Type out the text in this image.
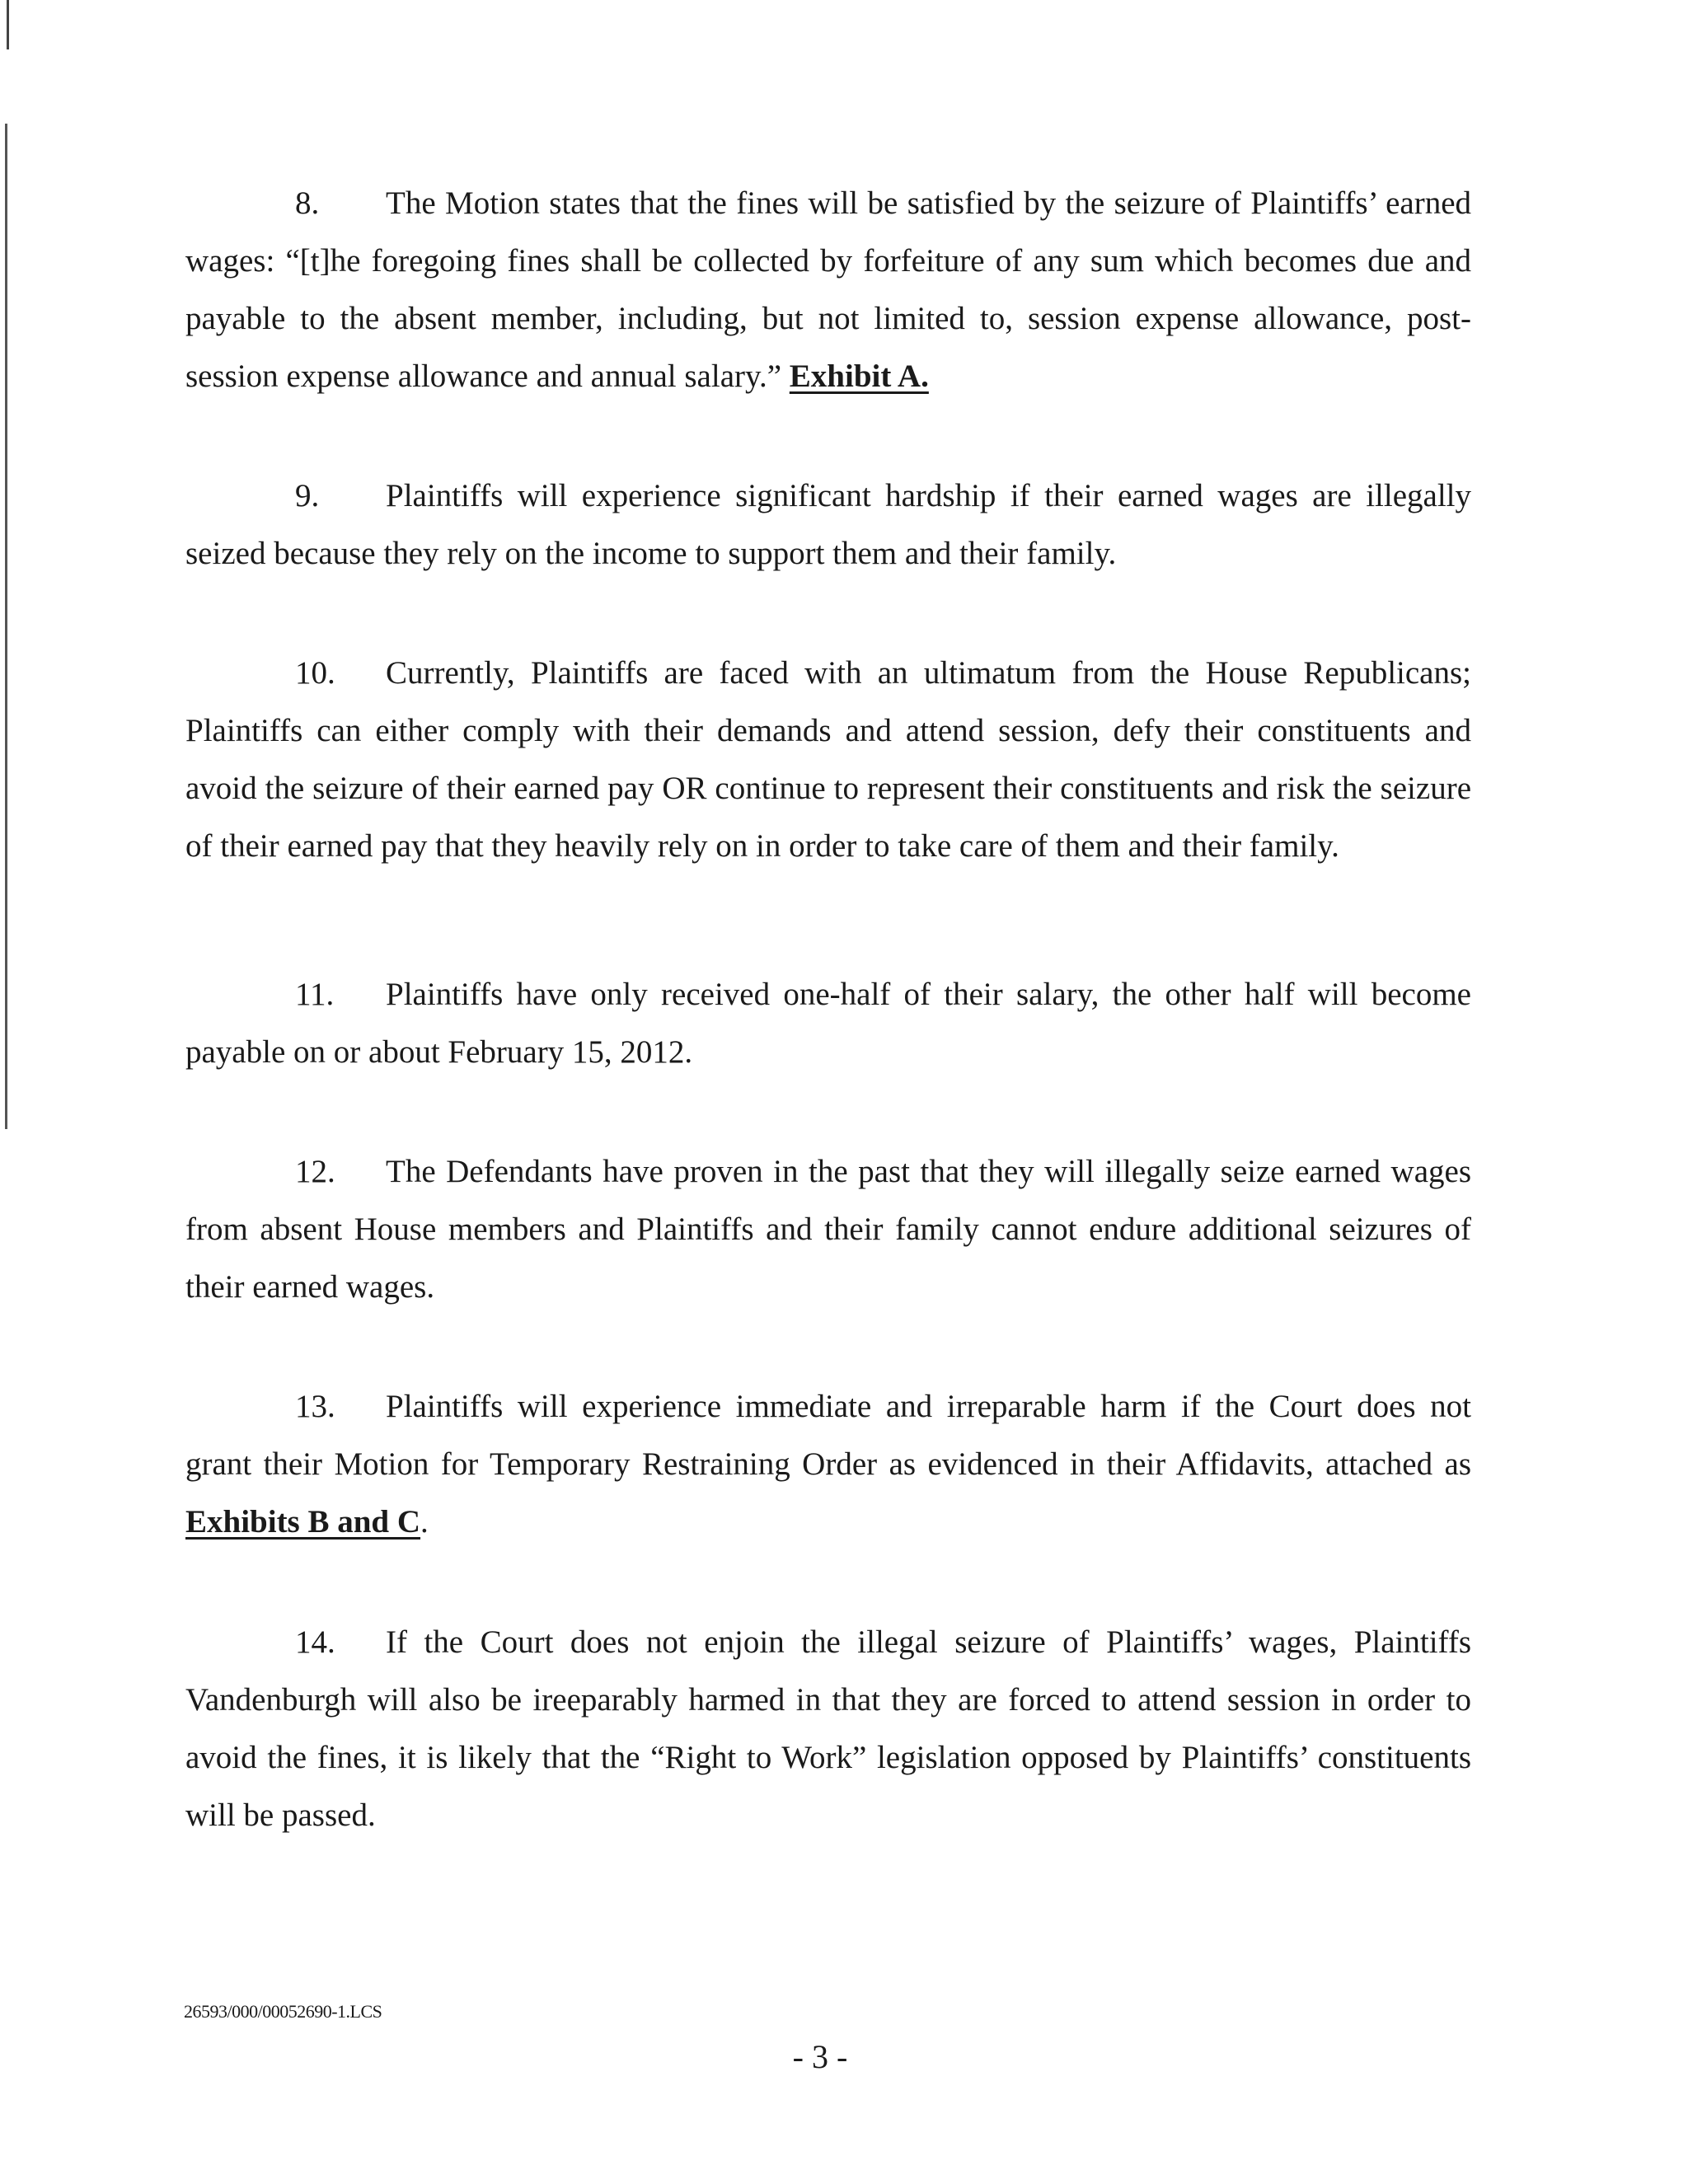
8. The Motion states that the fines will be satisfied by the seizure of Plaintiffs’ earned wages: “[t]he foregoing fines shall be collected by forfeiture of any sum which becomes due and payable to the absent member, including, but not limited to, session expense allowance, post-session expense allowance and annual salary.” Exhibit A.

9. Plaintiffs will experience significant hardship if their earned wages are illegally seized because they rely on the income to support them and their family.

10. Currently, Plaintiffs are faced with an ultimatum from the House Republicans; Plaintiffs can either comply with their demands and attend session, defy their constituents and avoid the seizure of their earned pay OR continue to represent their constituents and risk the seizure of their earned pay that they heavily rely on in order to take care of them and their family.

11. Plaintiffs have only received one-half of their salary, the other half will become payable on or about February 15, 2012.

12. The Defendants have proven in the past that they will illegally seize earned wages from absent House members and Plaintiffs and their family cannot endure additional seizures of their earned wages.

13. Plaintiffs will experience immediate and irreparable harm if the Court does not grant their Motion for Temporary Restraining Order as evidenced in their Affidavits, attached as Exhibits B and C.

14. If the Court does not enjoin the illegal seizure of Plaintiffs’ wages, Plaintiffs Vandenburgh will also be ireeparably harmed in that they are forced to attend session in order to avoid the fines, it is likely that the “Right to Work” legislation opposed by Plaintiffs’ constituents will be passed.

26593/000/00052690-1.LCS
- 3 -
